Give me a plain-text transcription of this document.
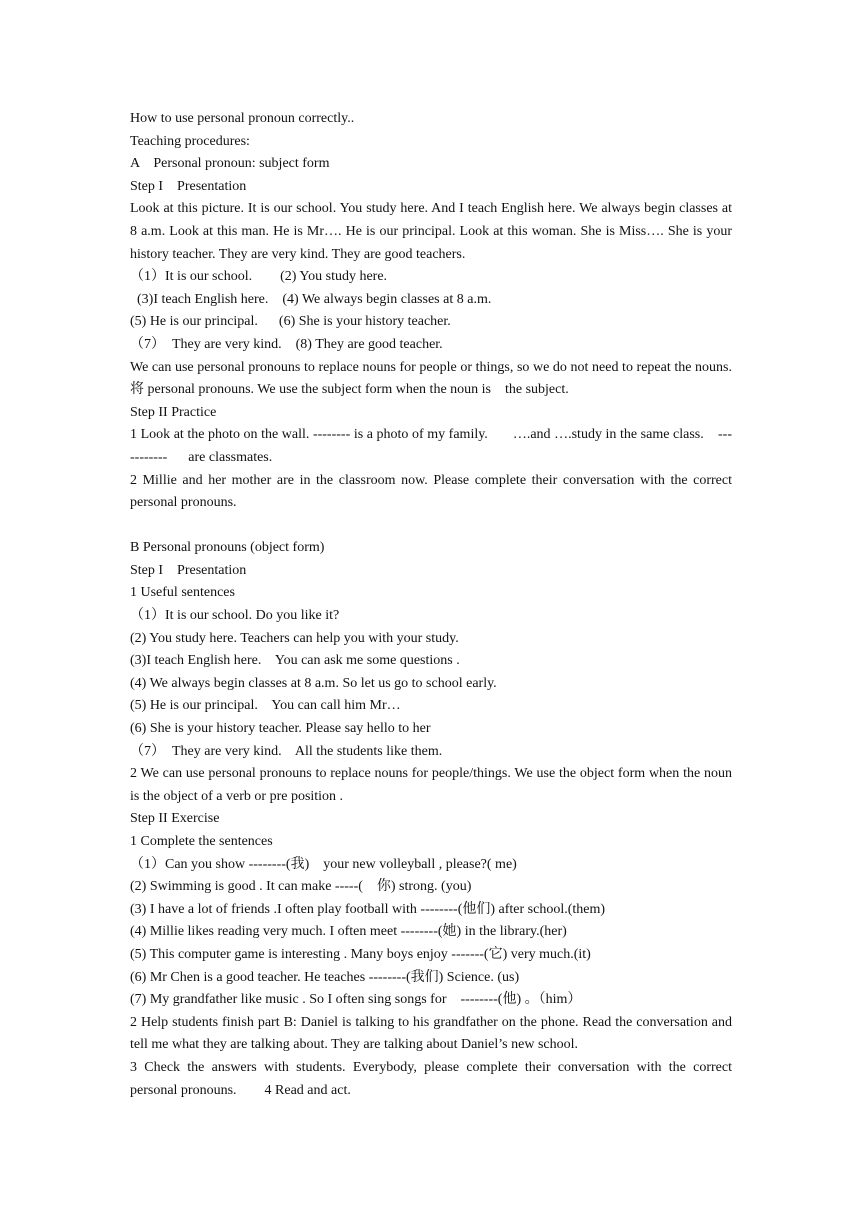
How to use personal pronoun correctly..

Teaching procedures:

A    Personal pronoun: subject form

Step I    Presentation

Look at this picture. It is our school. You study here. And I teach English here. We always begin classes at 8 a.m. Look at this man. He is Mr…. He is our principal. Look at this woman. She is Miss…. She is your history teacher. They are very kind. They are good teachers.

（1）It is our school.        (2) You study here.

(3)I teach English here.    (4) We always begin classes at 8 a.m.

(5) He is our principal.      (6) She is your history teacher.

（7）  They are very kind.    (8) They are good teacher.

We can use personal pronouns to replace nouns for people or things, so we do not need to repeat the nouns.  将 personal pronouns. We use the subject form when the noun is    the subject.

Step II Practice

1 Look at the photo on the wall. -------- is a photo of my family.       ….and ….study in the same class.    -----------      are classmates.

2 Millie and her mother are in the classroom now. Please complete their conversation with the correct personal pronouns.

B Personal pronouns (object form)

Step I    Presentation

1 Useful sentences

（1）It is our school. Do you like it?

(2) You study here. Teachers can help you with your study.

(3)I teach English here.    You can ask me some questions .

(4) We always begin classes at 8 a.m. So let us go to school early.

(5) He is our principal.    You can call him Mr…

(6) She is your history teacher. Please say hello to her

（7）  They are very kind.    All the students like them.

2 We can use personal pronouns to replace nouns for people/things. We use the object form when the noun is the object of a verb or pre position .

Step II Exercise

1 Complete the sentences

（1）Can you show --------(我)    your new volleyball , please?( me)

(2) Swimming is good . It can make -----(    你) strong. (you)

(3) I have a lot of friends .I often play football with --------(他们) after school.(them)

(4) Millie likes reading very much. I often meet --------(她) in the library.(her)

(5) This computer game is interesting . Many boys enjoy -------(它) very much.(it)

(6) Mr Chen is a good teacher. He teaches --------(我们) Science. (us)

(7) My grandfather like music . So I often sing songs for    --------(他) 。（him）

2 Help students finish part B: Daniel is talking to his grandfather on the phone. Read the conversation and tell me what they are talking about. They are talking about Daniel’s new school.

3 Check the answers with students. Everybody, please complete their conversation with the correct personal pronouns.        4 Read and act.
